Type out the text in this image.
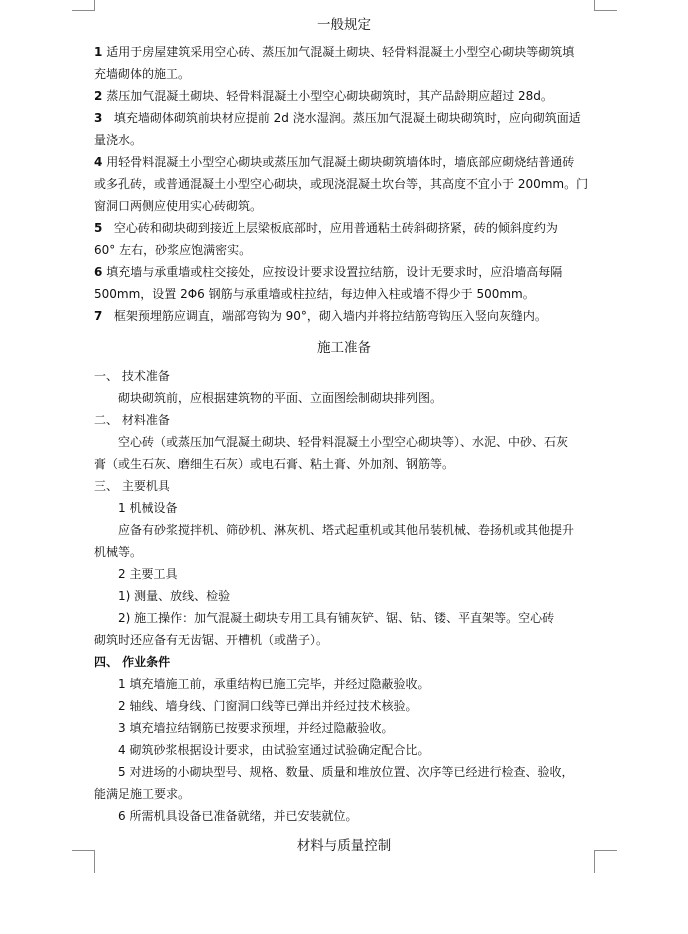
一般规定

1 适用于房屋建筑采用空心砖、蒸压加气混凝土砌块、轻骨料混凝土小型空心砌块等砌筑填

充墙砌体的施工。

2 蒸压加气混凝土砌块、轻骨料混凝土小型空心砌块砌筑时，其产品龄期应超过 28d。

3 填充墙砌体砌筑前块材应提前 2d 浇水湿润。蒸压加气混凝土砌块砌筑时，应向砌筑面适

量浇水。

4 用轻骨料混凝土小型空心砌块或蒸压加气混凝土砌块砌筑墙体时，墙底部应砌烧结普通砖

或多孔砖，或普通混凝土小型空心砌块，或现浇混凝土坎台等，其高度不宜小于 200mm。门

窗洞口两侧应使用实心砖砌筑。

5 空心砖和砌块砌到接近上层梁板底部时，应用普通粘土砖斜砌挤紧，砖的倾斜度约为

60° 左右，砂浆应饱满密实。

6 填充墙与承重墙或柱交接处，应按设计要求设置拉结筋，设计无要求时，应沿墙高每隔

500mm，设置 2Φ6 钢筋与承重墙或柱拉结，每边伸入柱或墙不得少于 500mm。

7 框架预埋筋应调直，端部弯钩为 90°，砌入墙内并将拉结筋弯钩压入竖向灰缝内。

施工准备

一、 技术准备

砌块砌筑前，应根据建筑物的平面、立面图绘制砌块排列图。

二、 材料准备

空心砖（或蒸压加气混凝土砌块、轻骨料混凝土小型空心砌块等）、水泥、中砂、石灰

膏（或生石灰、磨细生石灰）或电石膏、粘土膏、外加剂、钢筋等。

三、 主要机具

1 机械设备

应备有砂浆搅拌机、筛砂机、淋灰机、塔式起重机或其他吊装机械、卷扬机或其他提升

机械等。

2 主要工具

1) 测量、放线、检验

2) 施工操作：加气混凝土砌块专用工具有铺灰铲、锯、钻、镂、平直架等。空心砖

砌筑时还应备有无齿锯、开槽机（或凿子）。

四、 作业条件

1 填充墙施工前，承重结构已施工完毕，并经过隐蔽验收。

2 轴线、墙身线、门窗洞口线等已弹出并经过技术核验。

3 填充墙拉结钢筋已按要求预埋，并经过隐蔽验收。

4 砌筑砂浆根据设计要求，由试验室通过试验确定配合比。

5 对进场的小砌块型号、规格、数量、质量和堆放位置、次序等已经进行检查、验收，

能满足施工要求。

6 所需机具设备已准备就绪，并已安装就位。

材料与质量控制
